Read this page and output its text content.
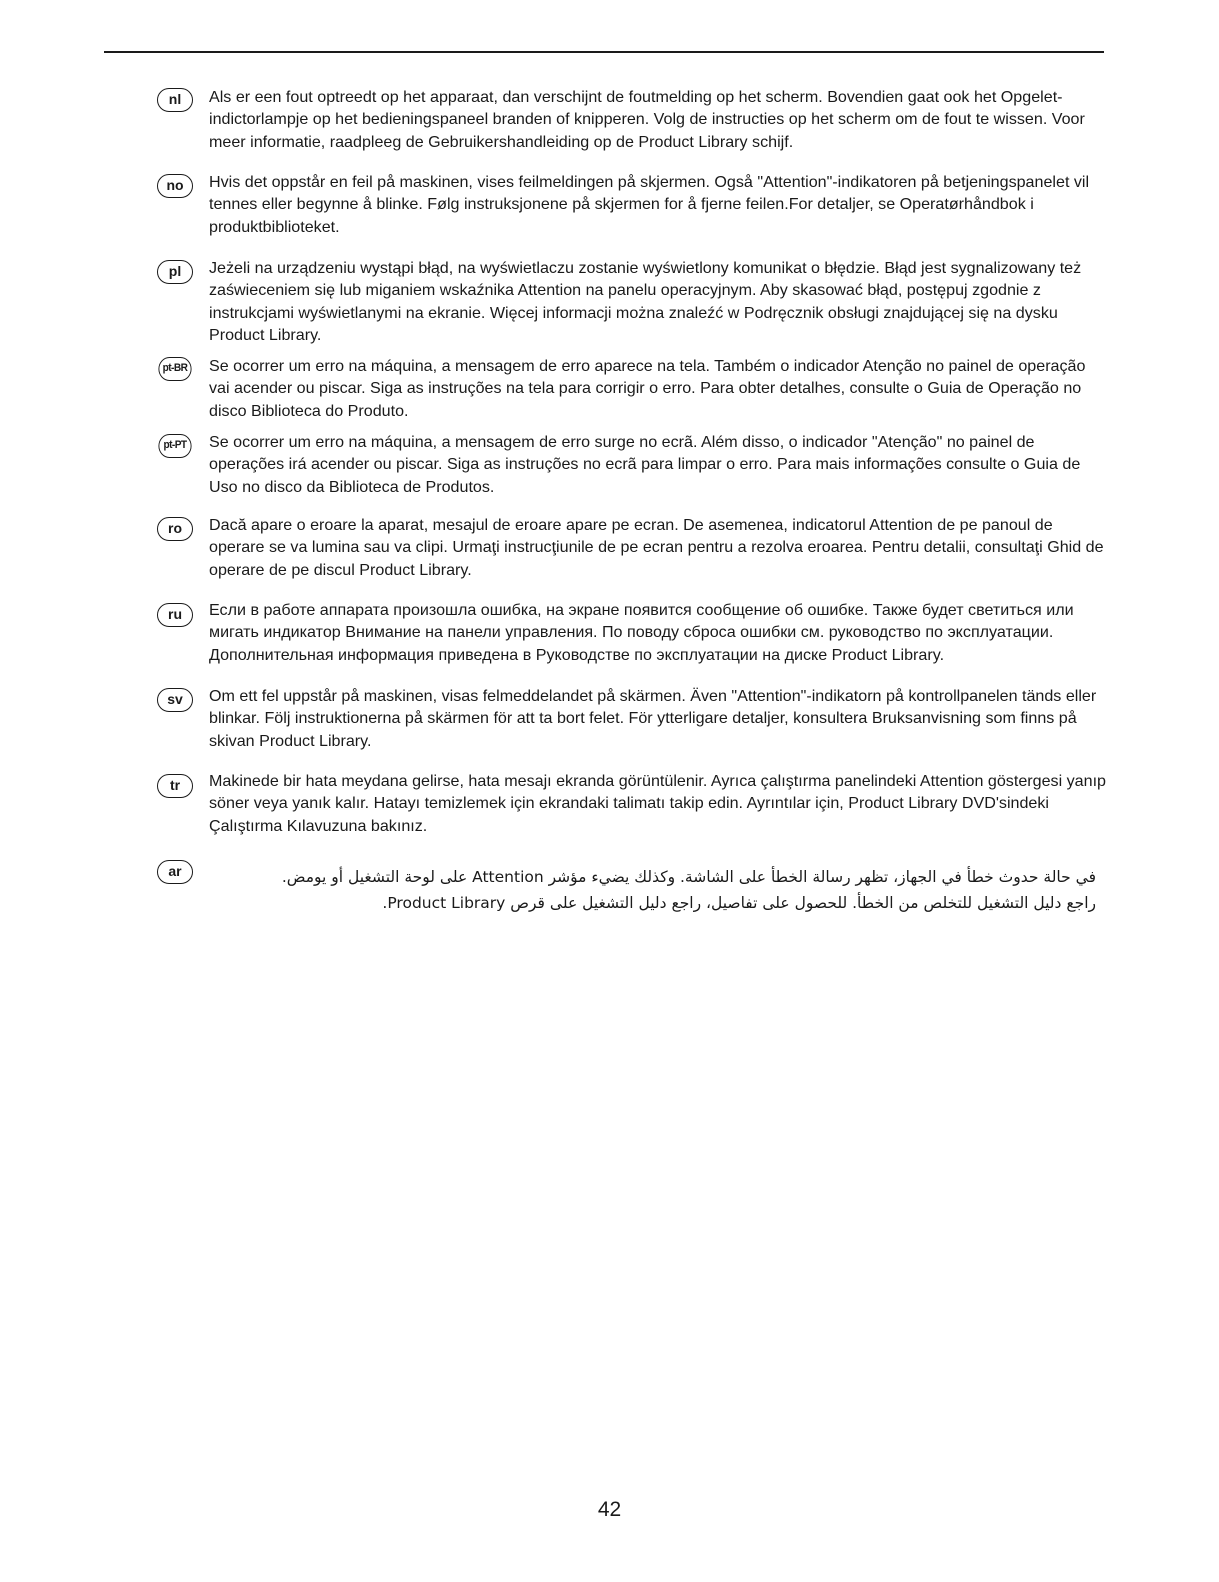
nl	Als er een fout optreedt op het apparaat, dan verschijnt de foutmelding op het scherm. Bovendien gaat ook het Opgelet-indictorlampje op het bedieningspaneel branden of knipperen. Volg de instructies op het scherm om de fout te wissen. Voor meer informatie, raadpleeg de Gebruikershandleiding op de Product Library schijf.

no	Hvis det oppstår en feil på maskinen, vises feilmeldingen på skjermen. Også "Attention"-indikatoren på betjeningspanelet vil tennes eller begynne å blinke. Følg instruksjonene på skjermen for å fjerne feilen.For detaljer, se Operatørhåndbok i produktbiblioteket.

pl	Jeżeli na urządzeniu wystąpi błąd, na wyświetlaczu zostanie wyświetlony komunikat o błędzie. Błąd jest sygnalizowany też zaświeceniem się lub miganiem wskaźnika Attention na panelu operacyjnym. Aby skasować błąd, postępuj zgodnie z instrukcjami wyświetlanymi na ekranie. Więcej informacji można znaleźć w Podręcznik obsługi znajdującej się na dysku Product Library.

pt-BR Se ocorrer um erro na máquina, a mensagem de erro aparece na tela. Também o indicador Atenção no painel de operação vai acender ou piscar. Siga as instruções na tela para corrigir o erro. Para obter detalhes, consulte o Guia de Operação no disco Biblioteca do Produto.

pt-PT	Se ocorrer um erro na máquina, a mensagem de erro surge no ecrã. Além disso, o indicador "Atenção" no painel de operações irá acender ou piscar. Siga as instruções no ecrã para limpar o erro. Para mais informações consulte o Guia de Uso no disco da Biblioteca de Produtos.

ro	Dacă apare o eroare la aparat, mesajul de eroare apare pe ecran. De asemenea, indicatorul Attention de pe panoul de operare se va lumina sau va clipi. Urmaţi instrucţiunile de pe ecran pentru a rezolva eroarea. Pentru detalii, consultaţi Ghid de operare de pe discul Product Library.

ru	Если в работе аппарата произошла ошибка, на экране появится сообщение об ошибке. Также будет светиться или мигать индикатор Внимание на панели управления. По поводу сброса ошибки см. руководство по эксплуатации. Дополнительная информация приведена в Руководстве по эксплуатации на диске Product Library.

sv	Om ett fel uppstår på maskinen, visas felmeddelandet på skärmen. Även "Attention"-indikatorn på kontrollpanelen tänds eller blinkar. Följ instruktionerna på skärmen för att ta bort felet. För ytterligare detaljer, konsultera Bruksanvisning som finns på skivan Product Library.

tr	Makinede bir hata meydana gelirse, hata mesajı ekranda görüntülenir. Ayrıca çalıştırma panelindeki Attention göstergesi yanıp söner veya yanık kalır. Hatayı temizlemek için ekrandaki talimatı takip edin. Ayrıntılar için, Product Library DVD'sindeki Çalıştırma Kılavuzuna bakınız.

ar	في حالة حدوث خطأ في الجهاز، تظهر رسالة الخطأ على الشاشة. وكذلك يضيء مؤشر Attention على لوحة التشغيل أو يومض. راجع دليل التشغيل للتخلص من الخطأ. للحصول على تفاصيل، راجع دليل التشغيل على قرص Product Library.

42
